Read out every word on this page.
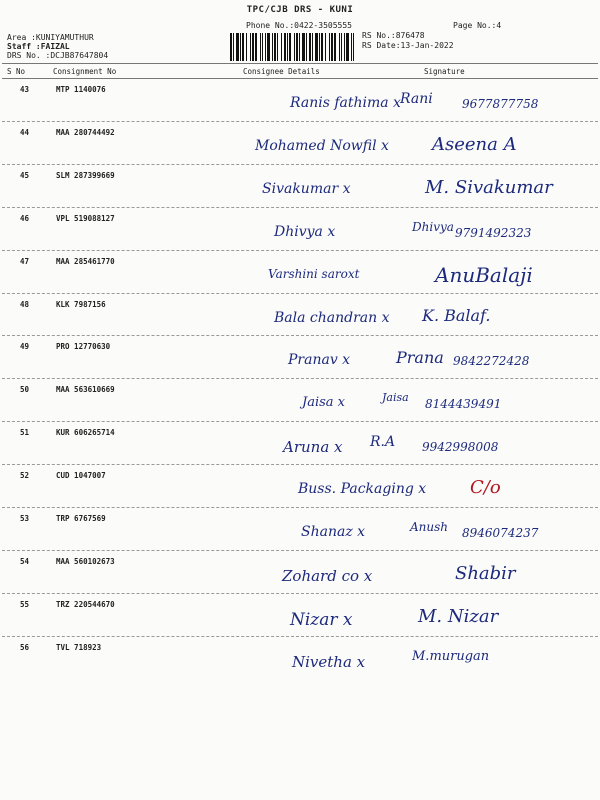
TPC/CJB DRS - KUNI
Phone No.:0422-3505555	Page No.:4
Area :KUNIYAMUTHUR
Staff :FAIZAL
DRS No. :DCJB87647804
RS No.:876478
RS Date:13-Jan-2022
S No	Consignment No	Consignee Details	Signature
43	MTP 1140076
Ranis fathima x Rani 9677877758
44	MAA 280744492
Mohamed Nowfil x Aseena A
45	SLM 287399669
Sivakumar x	M. Sivakumar
46	VPL 519088127
Dhivya x	Dhivya 9791492323
47	MAA 285461770
Varshini saroxt	AnuBalaji
48	KLK 7987156
Bala chandran x K. Balaf.
49	PRO 12770630
Pranav x	Prana 9842272428
50	MAA 563610669
Jaisa x	Jaisa 8144439491
51	KUR 606265714
Aruna x R.A 9942998008
52	CUD 1047007
Buss. Packaging x C/o
53	TRP 6767569
Shanaz x	Anush 8946074237
54	MAA 560102673
Zohard co x	Shabir
55	TRZ 220544670
Nizar x	M. Nizar
56	TVL 718923
Nivetha x	M.murugan
